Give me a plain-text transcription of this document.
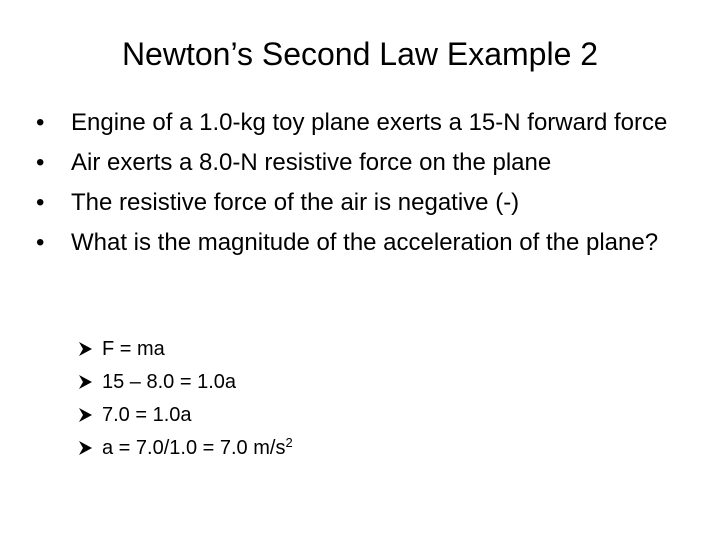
Newton’s Second Law Example 2
•	Engine of a 1.0-kg toy plane exerts a 15-N forward force
•	Air exerts a 8.0-N resistive force on the plane
•	The resistive force of the air is negative (-)
•	What is the magnitude of the acceleration of the plane?
F = ma
15 – 8.0 = 1.0a
7.0 = 1.0a
a = 7.0/1.0 = 7.0 $m/s^2$
